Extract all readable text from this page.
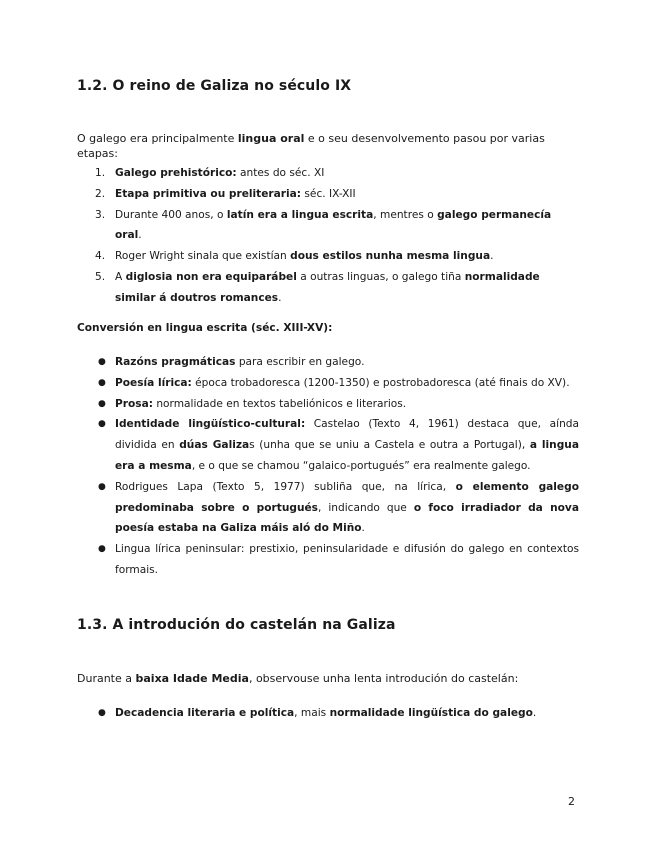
1.2. O reino de Galiza no século IX
O galego era principalmente lingua oral e o seu desenvolvemento pasou por varias etapas:
1. Galego prehistórico: antes do séc. XI
2. Etapa primitiva ou preliteraria: séc. IX-XII
3. Durante 400 anos, o latín era a lingua escrita, mentres o galego permanecía oral.
4. Roger Wright sinala que existían dous estilos nunha mesma lingua.
5. A diglosia non era equiparábel a outras linguas, o galego tiña normalidade similar á doutros romances.
Conversión en lingua escrita (séc. XIII-XV):
● Razóns pragmáticas para escribir en galego.
● Poesía lírica: época trobadoresca (1200-1350) e postrobadoresca (até finais do XV).
● Prosa: normalidade en textos tabeliónicos e literarios.
● Identidade lingüístico-cultural: Castelao (Texto 4, 1961) destaca que, aínda dividida en dúas Galizas (unha que se uniu a Castela e outra a Portugal), a lingua era a mesma, e o que se chamou “galaico-portugués” era realmente galego.
● Rodrigues Lapa (Texto 5, 1977) subliña que, na lírica, o elemento galego predominaba sobre o portugués, indicando que o foco irradiador da nova poesía estaba na Galiza máis aló do Miño.
● Lingua lírica peninsular: prestixio, peninsularidade e difusión do galego en contextos formais.
1.3. A introdución do castelán na Galiza
Durante a baixa Idade Media, observouse unha lenta introdución do castelán:
● Decadencia literaria e política, mais normalidade lingüística do galego.
2
